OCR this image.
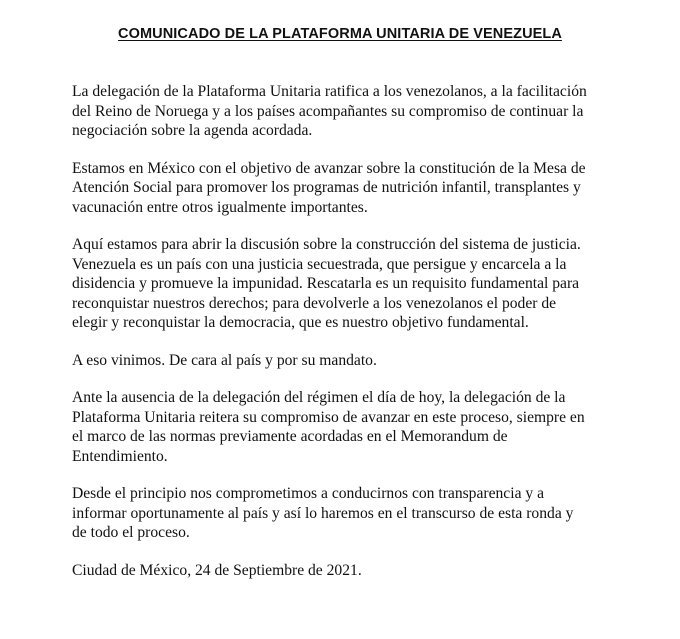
COMUNICADO DE LA PLATAFORMA UNITARIA DE VENEZUELA

La delegación de la Plataforma Unitaria ratifica a los venezolanos, a la facilitación
del Reino de Noruega y a los países acompañantes su compromiso de continuar la
negociación sobre la agenda acordada.

Estamos en México con el objetivo de avanzar sobre la constitución de la Mesa de
Atención Social para promover los programas de nutrición infantil, transplantes y
vacunación entre otros igualmente importantes.

Aquí estamos para abrir la discusión sobre la construcción del sistema de justicia.
Venezuela es un país con una justicia secuestrada, que persigue y encarcela a la
disidencia y promueve la impunidad. Rescatarla es un requisito fundamental para
reconquistar nuestros derechos; para devolverle a los venezolanos el poder de
elegir y reconquistar la democracia, que es nuestro objetivo fundamental.

A eso vinimos. De cara al país y por su mandato.

Ante la ausencia de la delegación del régimen el día de hoy, la delegación de la
Plataforma Unitaria reitera su compromiso de avanzar en este proceso, siempre en
el marco de las normas previamente acordadas en el Memorandum de
Entendimiento.

Desde el principio nos comprometimos a conducirnos con transparencia y a
informar oportunamente al país y así lo haremos en el transcurso de esta ronda y
de todo el proceso.

Ciudad de México, 24 de Septiembre de 2021.
